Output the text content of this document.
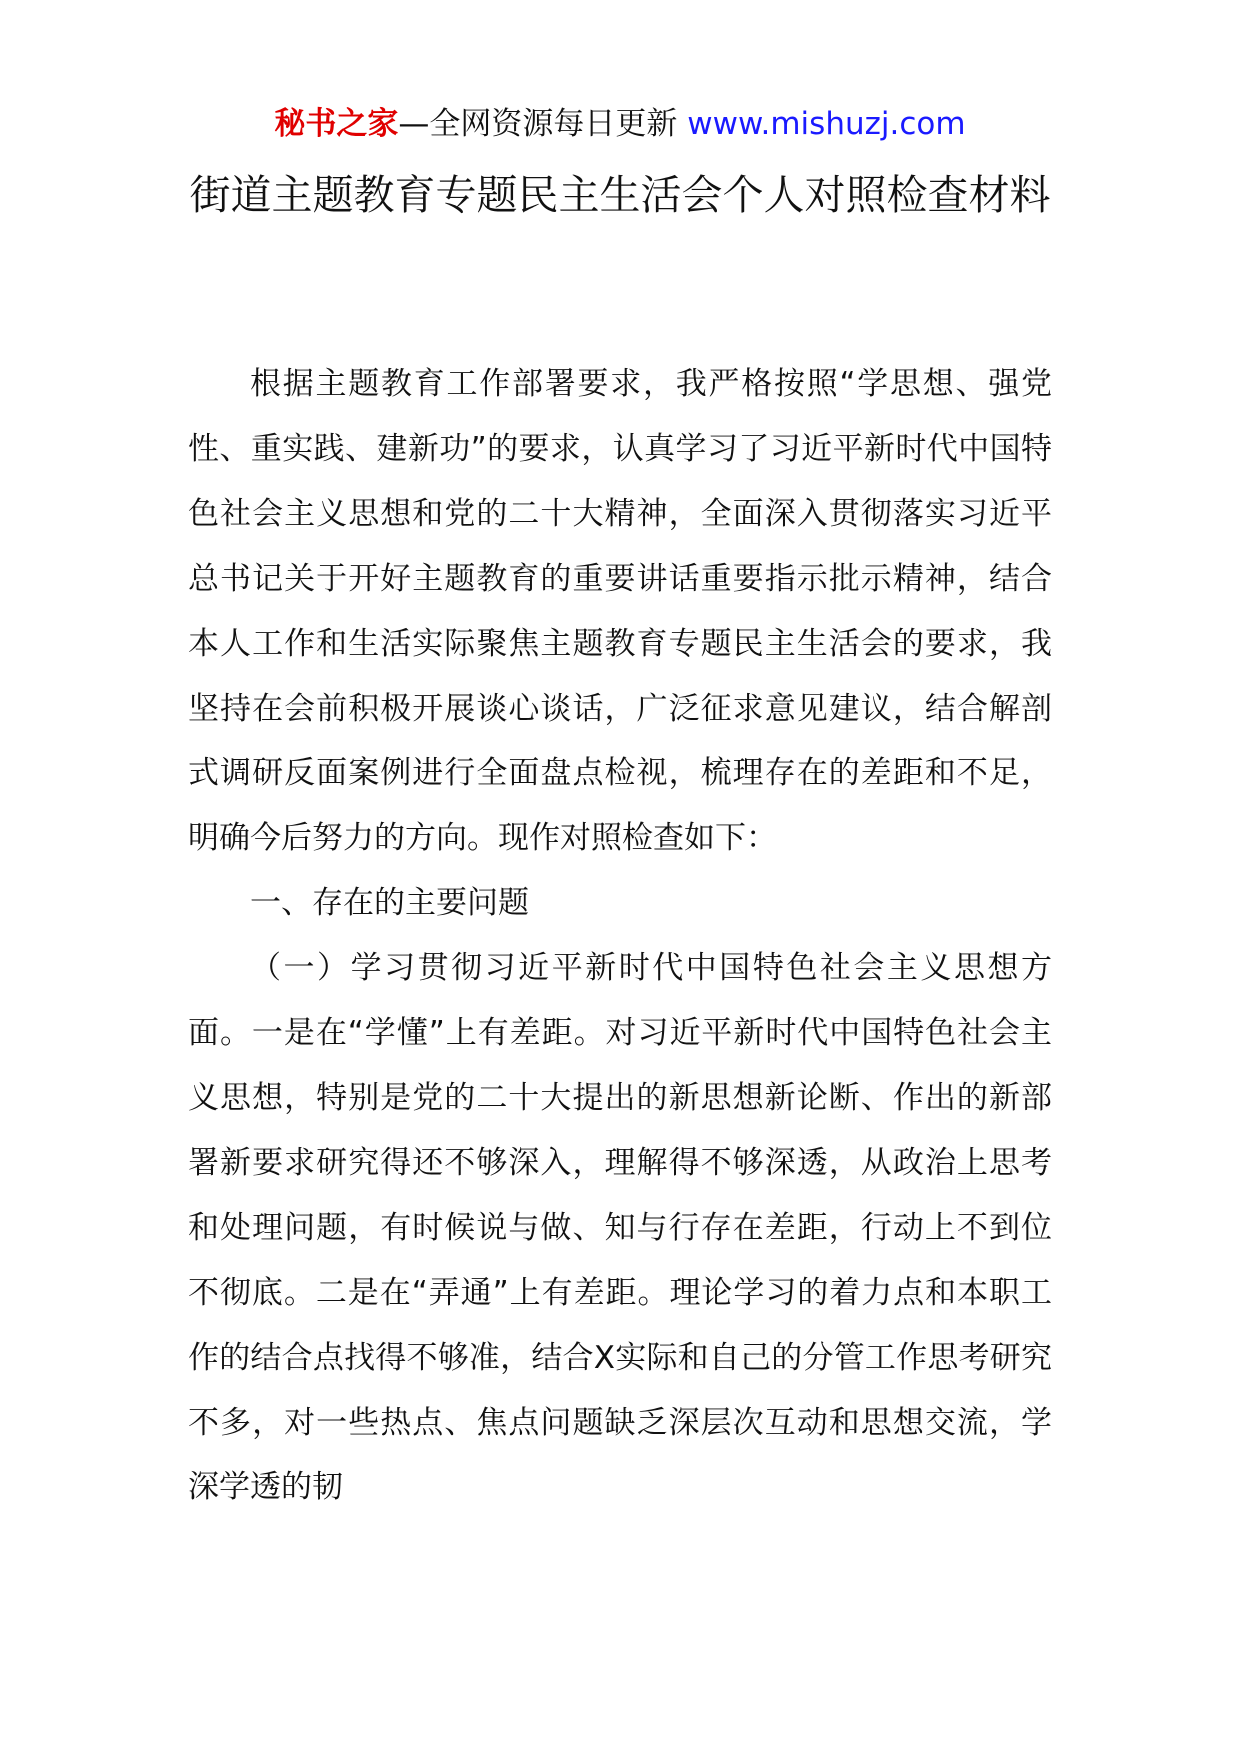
秘书之家—全网资源每日更新 www.mishuzj.com
街道主题教育专题民主生活会个人对照检查材料

根据主题教育工作部署要求，我严格按照“学思想、强党性、重实践、建新功”的要求，认真学习了习近平新时代中国特色社会主义思想和党的二十大精神，全面深入贯彻落实习近平总书记关于开好主题教育的重要讲话重要指示批示精神，结合本人工作和生活实际聚焦主题教育专题民主生活会的要求，我坚持在会前积极开展谈心谈话，广泛征求意见建议，结合解剖式调研反面案例进行全面盘点检视，梳理存在的差距和不足，明确今后努力的方向。现作对照检查如下：

一、存在的主要问题

（一）学习贯彻习近平新时代中国特色社会主义思想方面。一是在“学懂”上有差距。对习近平新时代中国特色社会主义思想，特别是党的二十大提出的新思想新论断、作出的新部署新要求研究得还不够深入，理解得不够深透，从政治上思考和处理问题，有时候说与做、知与行存在差距，行动上不到位不彻底。二是在“弄通”上有差距。理论学习的着力点和本职工作的结合点找得不够准，结合X实际和自己的分管工作思考研究不多，对一些热点、焦点问题缺乏深层次互动和思想交流，学深学透的韧
